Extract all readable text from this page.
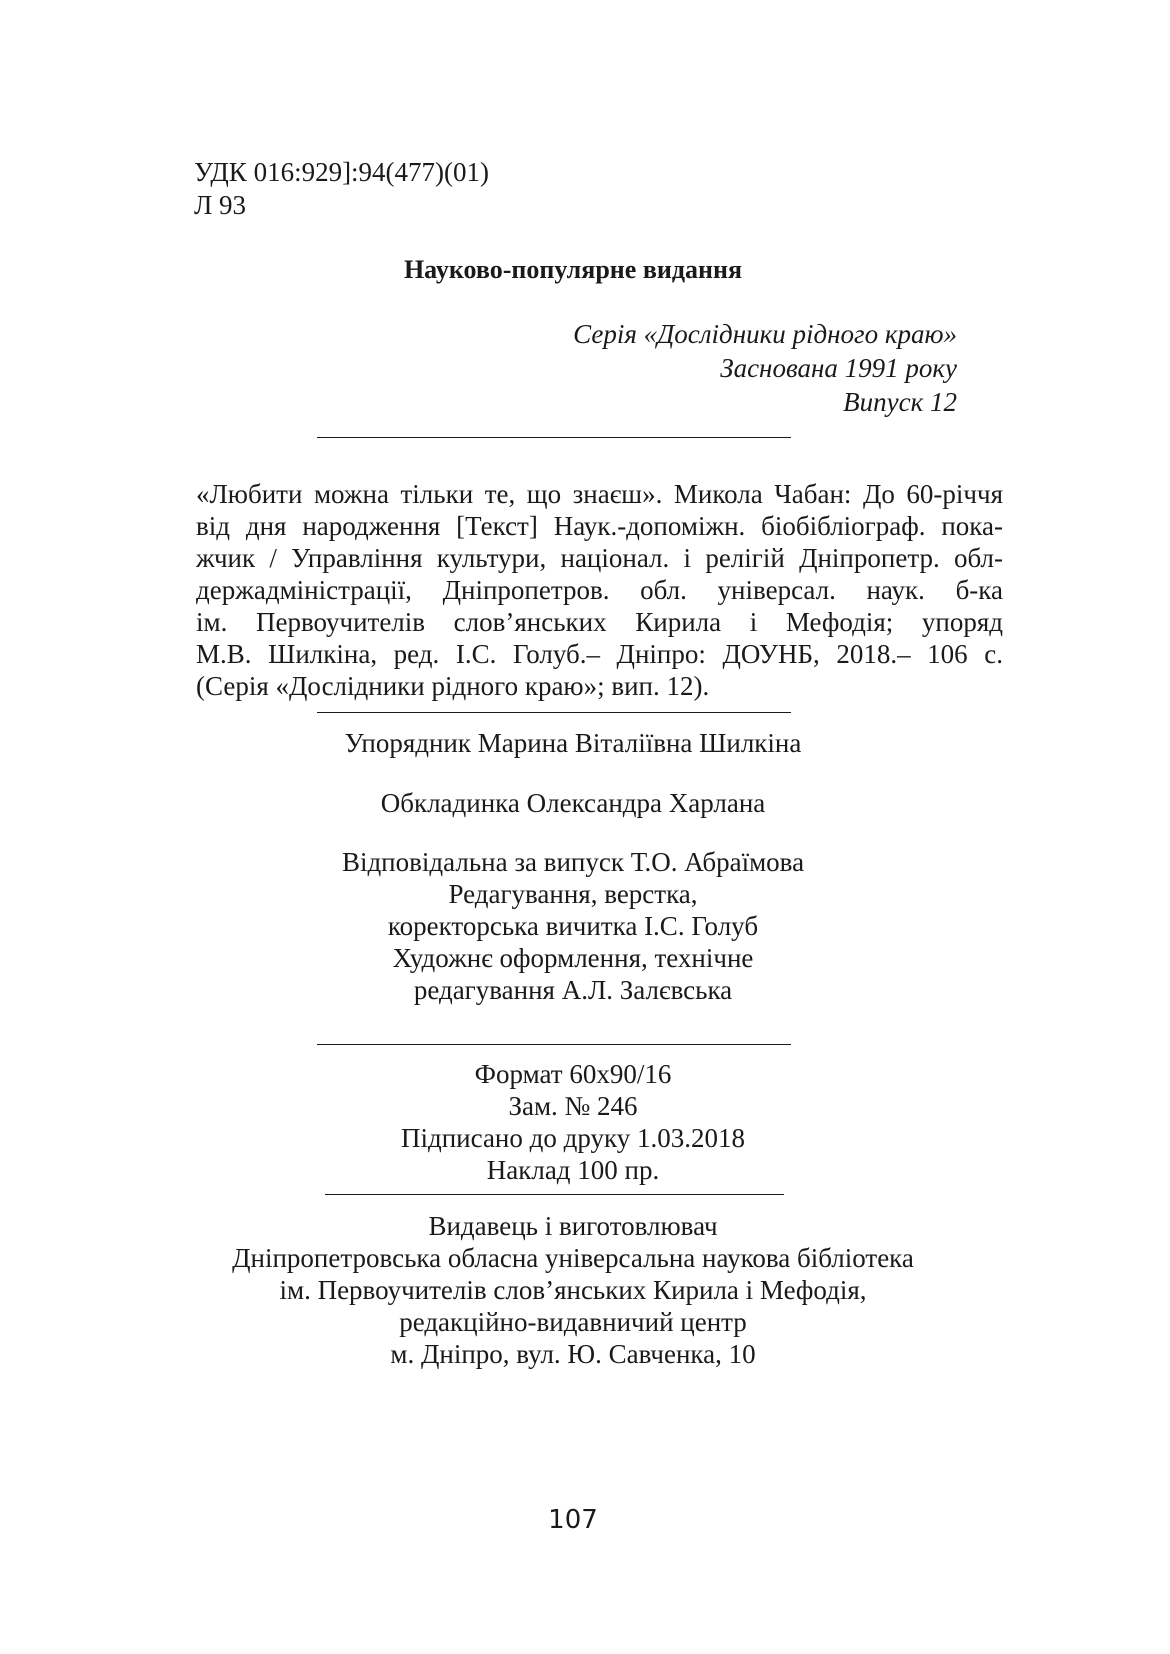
УДК 016:929]:94(477)(01)
Л 93
Науково-популярне видання
Серія «Дослідники рідного краю»
Заснована 1991 року
Випуск 12
«Любити можна тільки те, що знаєш». Микола Чабан: До 60-річчя
від дня народження [Текст] Наук.-допоміжн. біобібліограф. пока-
жчик / Управління культури, націонал. і релігій Дніпропетр. обл-
держадміністрації, Дніпропетров. обл. універсал. наук. б-ка
ім. Первоучителів слов’янських Кирила і Мефодія; упоряд
М.В. Шилкіна, ред. І.С. Голуб.– Дніпро: ДОУНБ, 2018.– 106 с.
(Серія «Дослідники рідного краю»; вип. 12).
Упорядник Марина Віталіївна Шилкіна
Обкладинка Олександра Харлана
Відповідальна за випуск Т.О. Абраїмова
Редагування, верстка,
коректорська вичитка І.С. Голуб
Художнє оформлення, технічне
редагування А.Л. Залєвська
Формат 60х90/16
Зам. № 246
Підписано до друку 1.03.2018
Наклад 100 пр.
Видавець і виготовлювач
Дніпропетровська обласна універсальна наукова бібліотека
ім. Первоучителів слов’янських Кирила і Мефодія,
редакційно-видавничий центр
м. Дніпро, вул. Ю. Савченка, 10
107
